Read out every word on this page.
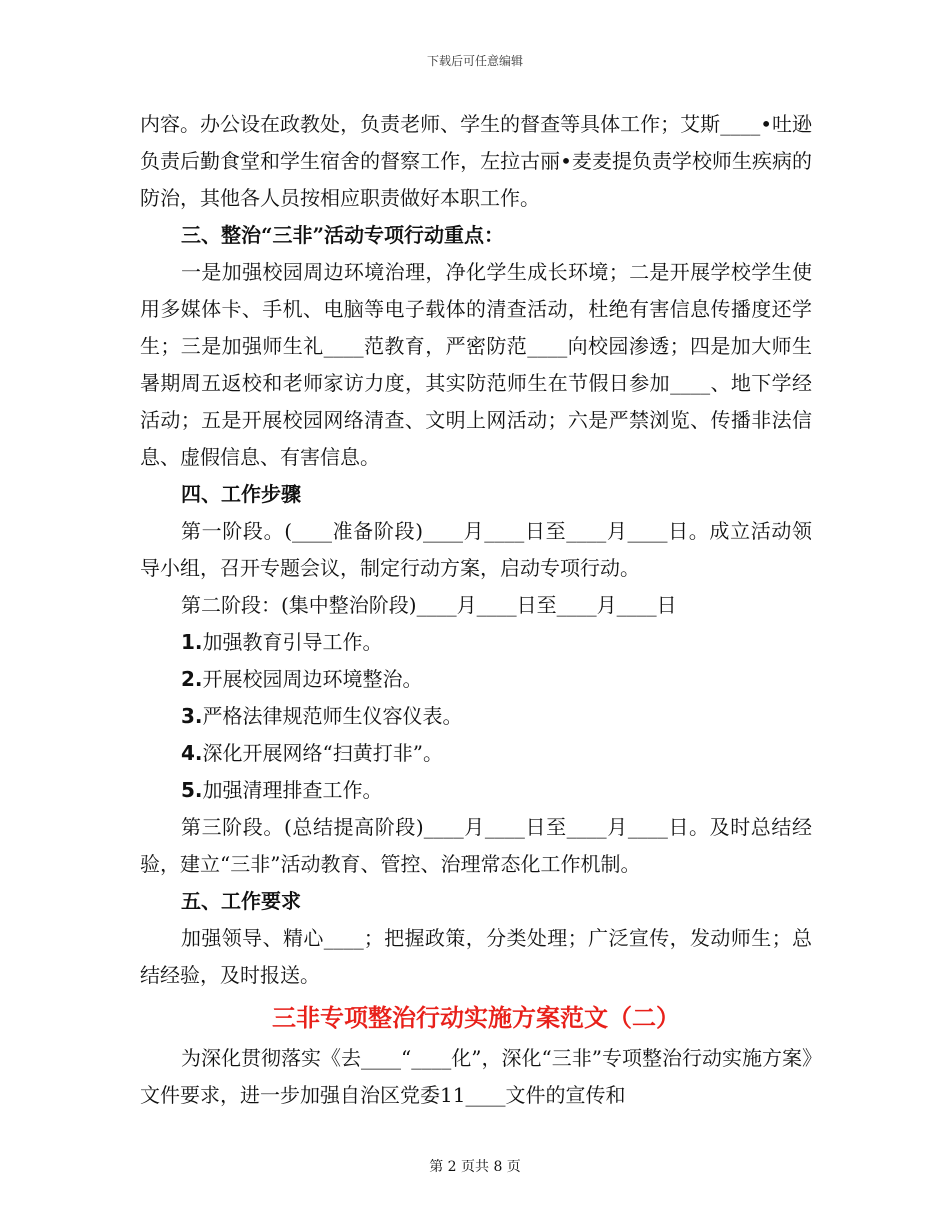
下载后可任意编辑

内容。办公设在政教处，负责老师、学生的督查等具体工作；艾斯____•吐逊负责后勤食堂和学生宿舍的督察工作，左拉古丽•麦麦提负责学校师生疾病的防治，其他各人员按相应职责做好本职工作。

三、整治“三非”活动专项行动重点：

一是加强校园周边环境治理，净化学生成长环境；二是开展学校学生使用多媒体卡、手机、电脑等电子载体的清查活动，杜绝有害信息传播度还学生；三是加强师生礼____范教育，严密防范____向校园渗透；四是加大师生暑期周五返校和老师家访力度，其实防范师生在节假日参加____、地下学经活动；五是开展校园网络清查、文明上网活动；六是严禁浏览、传播非法信息、虚假信息、有害信息。

四、工作步骤

第一阶段。(____准备阶段)____月____日至____月____日。成立活动领导小组，召开专题会议，制定行动方案，启动专项行动。

第二阶段：(集中整治阶段)____月____日至____月____日

1.加强教育引导工作。

2.开展校园周边环境整治。

3.严格法律规范师生仪容仪表。

4.深化开展网络“扫黄打非”。

5.加强清理排查工作。

第三阶段。(总结提高阶段)____月____日至____月____日。及时总结经验，建立“三非”活动教育、管控、治理常态化工作机制。

五、工作要求

加强领导、精心____；把握政策，分类处理；广泛宣传，发动师生；总结经验，及时报送。

三非专项整治行动实施方案范文（二）

为深化贯彻落实《去____“____化”，深化“三非”专项整治行动实施方案》文件要求，进一步加强自治区党委11____文件的宣传和

第 2 页共 8 页
